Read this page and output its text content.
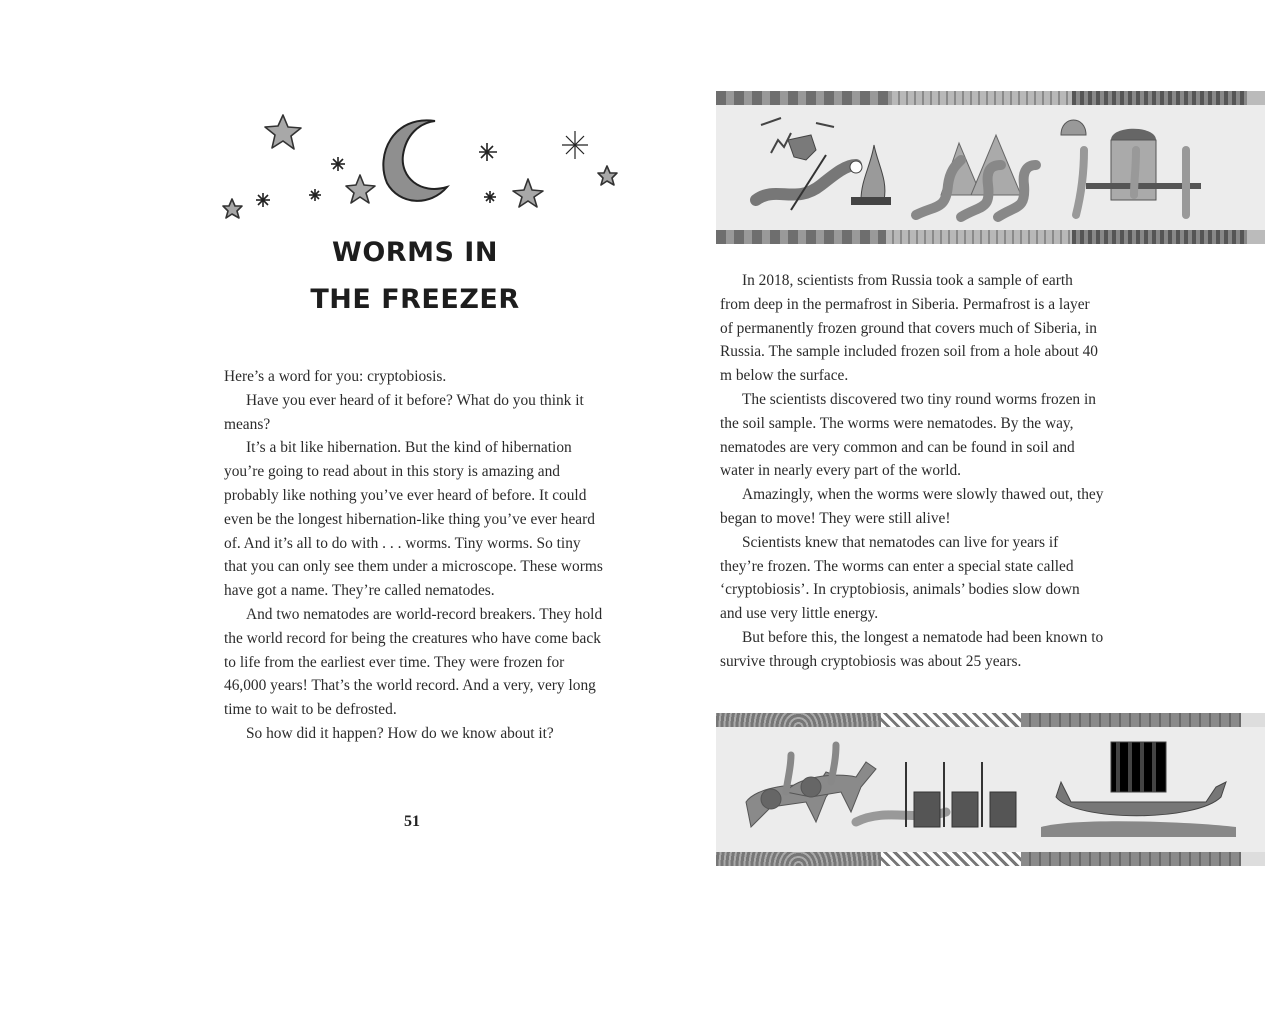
WORMS IN
THE FREEZER

Here’s a word for you: cryptobiosis.

Have you ever heard of it before? What do you think it means?

It’s a bit like hibernation. But the kind of hibernation you’re going to read about in this story is amazing and probably like nothing you’ve ever heard of before. It could even be the longest hibernation-like thing you’ve ever heard of. And it’s all to do with . . . worms. Tiny worms. So tiny that you can only see them under a microscope. These worms have got a name. They’re called nematodes.

And two nematodes are world-record breakers. They hold the world record for being the creatures who have come back to life from the earliest ever time. They were frozen for 46,000 years! That’s the world record. And a very, very long time to wait to be defrosted.

So how did it happen? How do we know about it?

51

In 2018, scientists from Russia took a sample of earth from deep in the permafrost in Siberia. Permafrost is a layer of permanently frozen ground that covers much of Siberia, in Russia. The sample included frozen soil from a hole about 40 m below the surface.

The scientists discovered two tiny round worms frozen in the soil sample. The worms were nematodes. By the way, nematodes are very common and can be found in soil and water in nearly every part of the world.

Amazingly, when the worms were slowly thawed out, they began to move! They were still alive!

Scientists knew that nematodes can live for years if they’re frozen. The worms can enter a special state called ‘cryptobiosis’. In cryptobiosis, animals’ bodies slow down and use very little energy.

But before this, the longest a nematode had been known to survive through cryptobiosis was about 25 years.
